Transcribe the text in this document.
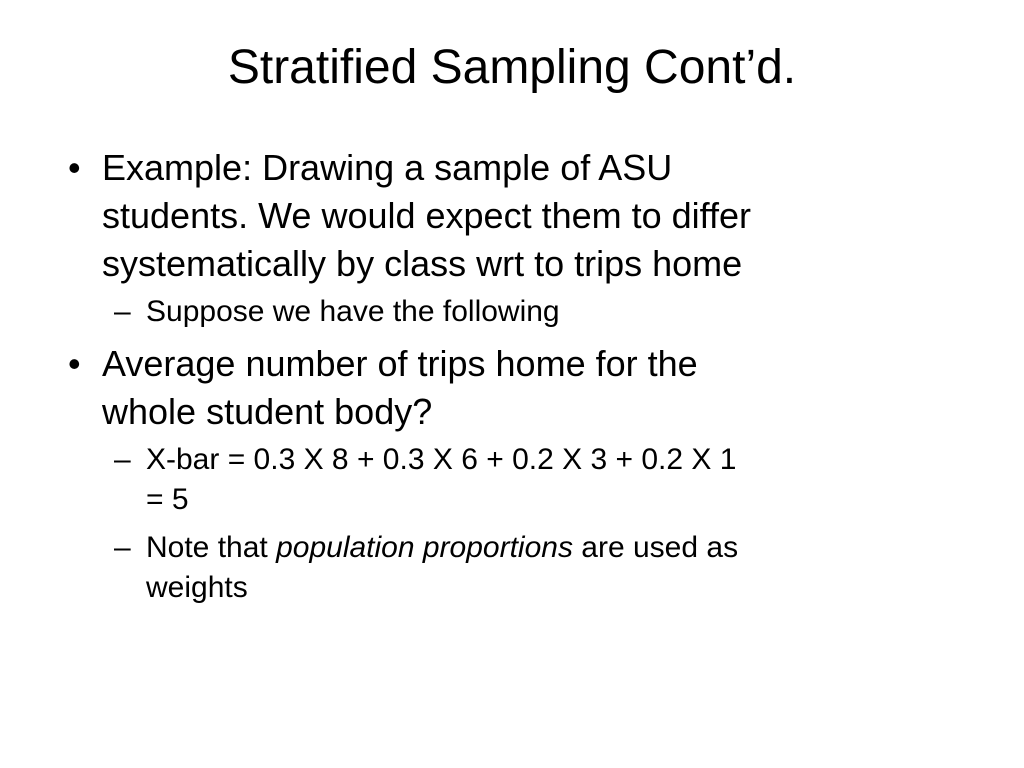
Stratified Sampling Cont’d.
• Example: Drawing a sample of ASU
students. We would expect them to differ
systematically by class wrt to trips home
– Suppose we have the following
• Average number of trips home for the
whole student body?
– X-bar = 0.3 X 8 + 0.3 X 6 + 0.2 X 3 + 0.2 X 1
= 5
– Note that population proportions are used as
weights
